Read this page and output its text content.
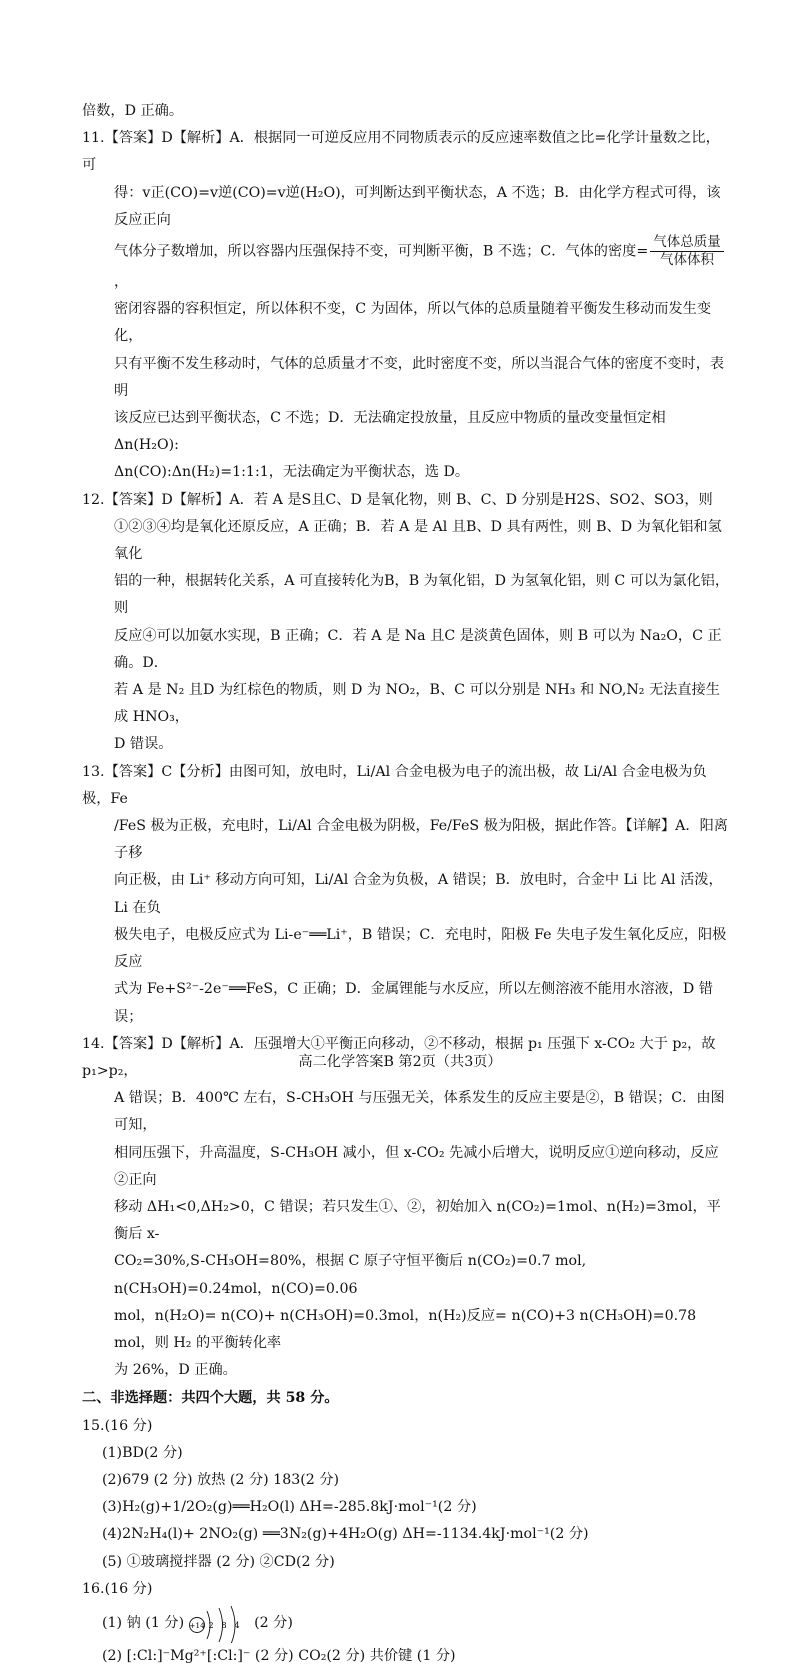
倍数，D 正确。

11.【答案】D【解析】A．根据同一可逆反应用不同物质表示的反应速率数值之比=化学计量数之比，可
得：v正(CO)=v逆(CO)=v逆(H₂O)，可判断达到平衡状态，A 不选；B．由化学方程式可得，该反应正向
气体分子数增加，所以容器内压强保持不变，可判断平衡，B 不选；C．气体的密度= $\frac{\text{气体总质量}}{\text{气体体积}}$
，
密闭容器的容积恒定，所以体积不变，C 为固体，所以气体的总质量随着平衡发生移动而发生变化，
只有平衡不发生移动时，气体的总质量才不变，此时密度不变，所以当混合气体的密度不变时，表明
该反应已达到平衡状态，C 不选；D．无法确定投放量，且反应中物质的量改变量恒定相 Δn(H₂O):
Δn(CO):Δn(H₂)=1:1:1，无法确定为平衡状态，选 D。
12.【答案】D【解析】A．若 A 是S且C、D 是氧化物，则 B、C、D 分别是H2S、SO2、SO3，则
①②③④均是氧化还原反应，A 正确；B．若 A 是 Al 且B、D 具有两性，则 B、D 为氧化铝和氢氧化
铝的一种，根据转化关系，A 可直接转化为B，B 为氧化铝，D 为氢氧化铝，则 C 可以为氯化铝，则
反应④可以加氨水实现，B 正确；C．若 A 是 Na 且C 是淡黄色固体，则 B 可以为 Na₂O，C 正确。D．
若 A 是 N₂ 且D 为红棕色的物质，则 D 为 NO₂，B、C 可以分别是 NH₃ 和 NO,N₂ 无法直接生成 HNO₃，
D 错误。
13.【答案】C【分析】由图可知，放电时，Li/Al 合金电极为电子的流出极，故 Li/Al 合金电极为负极，Fe
/FeS 极为正极，充电时，Li/Al 合金电极为阴极，Fe/FeS 极为阳极，据此作答。【详解】A．阳离子移
向正极，由 Li⁺ 移动方向可知，Li/Al 合金为负极，A 错误；B．放电时，合金中 Li 比 Al 活泼，Li 在负
极失电子，电极反应式为 Li-e⁻══Li⁺，B 错误；C．充电时，阳极 Fe 失电子发生氧化反应，阳极反应
式为 Fe+S²⁻-2e⁻══FeS，C 正确；D．金属锂能与水反应，所以左侧溶液不能用水溶液，D 错误；
14.【答案】D【解析】A．压强增大①平衡正向移动，②不移动，根据 p₁ 压强下 x-CO₂ 大于 p₂，故 p₁>p₂，
A 错误；B．400℃ 左右，S-CH₃OH 与压强无关，体系发生的反应主要是②，B 错误；C．由图可知，
相同压强下，升高温度，S-CH₃OH 减小，但 x-CO₂ 先减小后增大，说明反应①逆向移动，反应②正向
移动 ΔH₁<0,ΔH₂>0，C 错误；若只发生①、②，初始加入 n(CO₂)=1mol、n(H₂)=3mol，平衡后 x-
CO₂=30%,S-CH₃OH=80%，根据 C 原子守恒平衡后 n(CO₂)=0.7 mol, n(CH₃OH)=0.24mol，n(CO)=0.06
mol，n(H₂O)= n(CO)+ n(CH₃OH)=0.3mol，n(H₂)反应= n(CO)+3 n(CH₃OH)=0.78 mol，则 H₂ 的平衡转化率
为 26%，D 正确。

二、非选择题：共四个大题，共 58 分。

15.(16 分)
(1)BD(2 分)
(2)679 (2 分) 放热 (2 分) 183(2 分)
(3)H₂(g)+1/2O₂(g)══H₂O(l) ΔH=-285.8kJ·mol⁻¹(2 分)
(4)2N₂H₄(l)+ 2NO₂(g) ══3N₂(g)+4H₂O(g) ΔH=-1134.4kJ·mol⁻¹(2 分)
(5) ①玻璃搅拌器 (2 分) ②CD(2 分)
16.(16 分)
(1) 钠 (1 分) +14 2 8 4 (2 分)
(2) [:Cl:]⁻Mg²⁺[:Cl:]⁻ (2 分) CO₂(2 分) 共价键 (1 分)
高二化学答案B 第2页（共3页）
